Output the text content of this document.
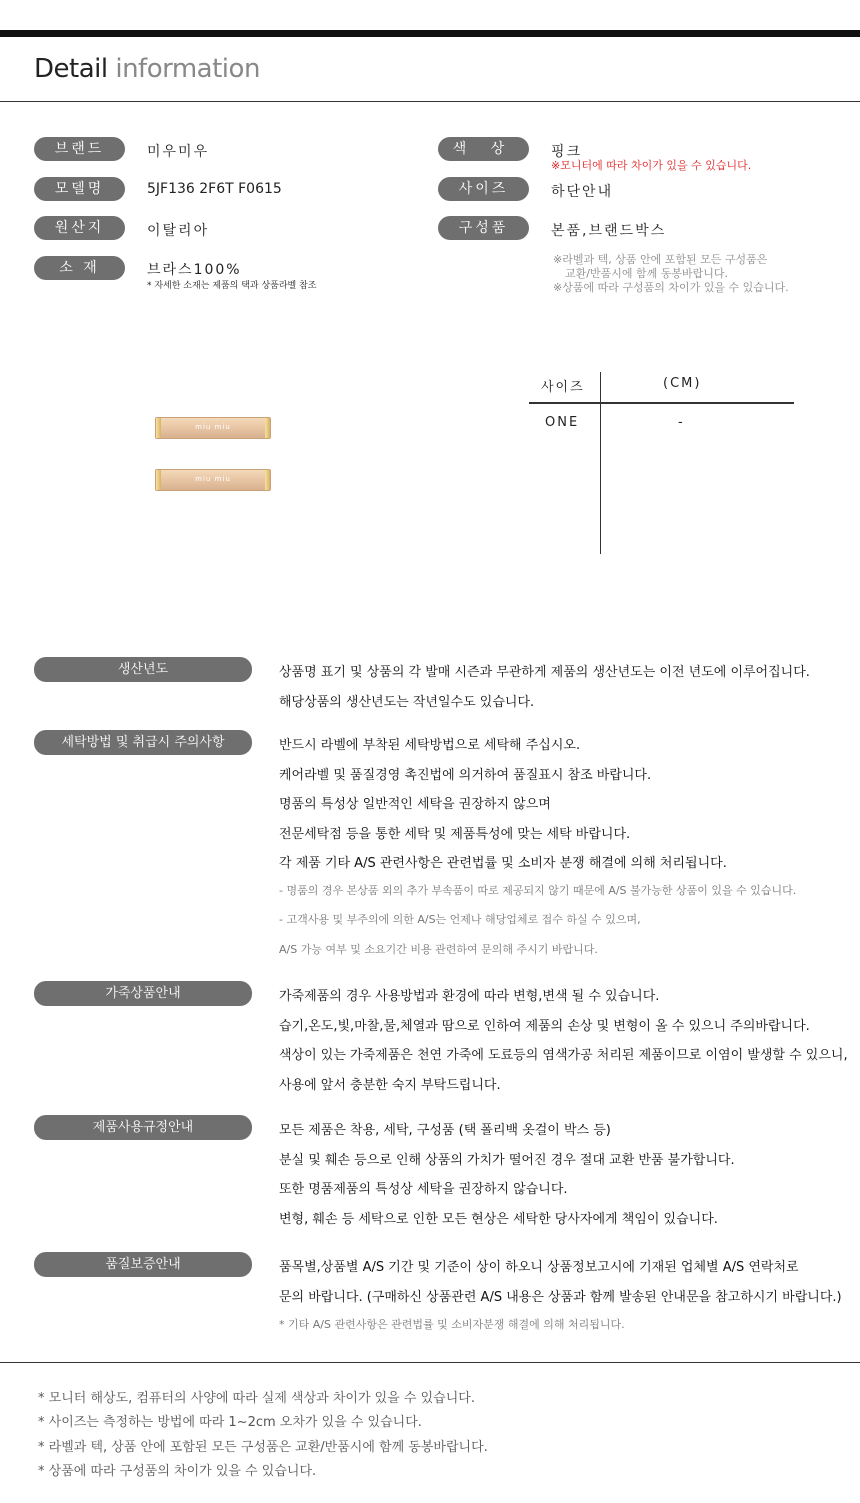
Detail information
브랜드	미우미우
모델명	5JF136 2F6T F0615
원산지	이탈리아
소 재	브라스100%
* 자세한 소재는 제품의 택과 상품라벨 참조
색 상	핑크
※모니터에 따라 차이가 있을 수 있습니다.
사이즈	하단안내
구성품	본품,브랜드박스
※라벨과 텍, 상품 안에 포함된 모든 구성품은
교환/반품시에 함께 동봉바랍니다.
※상품에 따라 구성품의 차이가 있을 수 있습니다.
miu miu
miu miu
사이즈	(CM)
ONE	-
생산년도	상품명 표기 및 상품의 각 발매 시즌과 무관하게 제품의 생산년도는 이전 년도에 이루어집니다.
해당상품의 생산년도는 작년일수도 있습니다.
세탁방법 및 취급시 주의사항	반드시 라벨에 부착된 세탁방법으로 세탁해 주십시오.
케어라벨 및 품질경영 촉진법에 의거하여 품질표시 참조 바랍니다.
명품의 특성상 일반적인 세탁을 권장하지 않으며
전문세탁점 등을 통한 세탁 및 제품특성에 맞는 세탁 바랍니다.
각 제품 기타 A/S 관련사항은 관련법률 및 소비자 분쟁 해결에 의해 처리됩니다.
- 명품의 경우 본상품 외의 추가 부속품이 따로 제공되지 않기 때문에 A/S 불가능한 상품이 있을 수 있습니다.
- 고객사용 및 부주의에 의한 A/S는 언제나 해당업체로 접수 하실 수 있으며,
A/S 가능 여부 및 소요기간 비용 관련하여 문의해 주시기 바랍니다.
가죽상품안내	가죽제품의 경우 사용방법과 환경에 따라 변형,변색 될 수 있습니다.
습기,온도,빛,마찰,물,체열과 땀으로 인하여 제품의 손상 및 변형이 올 수 있으니 주의바랍니다.
색상이 있는 가죽제품은 천연 가죽에 도료등의 염색가공 처리된 제품이므로 이염이 발생할 수 있으니,
사용에 앞서 충분한 숙지 부탁드립니다.
제품사용규정안내	모든 제품은 착용, 세탁, 구성품 (택 폴리백 옷걸이 박스 등)
분실 및 훼손 등으로 인해 상품의 가치가 떨어진 경우 절대 교환 반품 불가합니다.
또한 명품제품의 특성상 세탁을 권장하지 않습니다.
변형, 훼손 등 세탁으로 인한 모든 현상은 세탁한 당사자에게 책임이 있습니다.
품질보증안내	품목별,상품별 A/S 기간 및 기준이 상이 하오니 상품정보고시에 기재된 업체별 A/S 연락처로
문의 바랍니다. (구매하신 상품관련 A/S 내용은 상품과 함께 발송된 안내문을 참고하시기 바랍니다.)
* 기타 A/S 관련사항은 관련법률 및 소비자분쟁 해결에 의해 처리됩니다.
* 모니터 해상도, 컴퓨터의 사양에 따라 실제 색상과 차이가 있을 수 있습니다.
* 사이즈는 측정하는 방법에 따라 1~2cm 오차가 있을 수 있습니다.
* 라벨과 텍, 상품 안에 포함된 모든 구성품은 교환/반품시에 함께 동봉바랍니다.
* 상품에 따라 구성품의 차이가 있을 수 있습니다.
